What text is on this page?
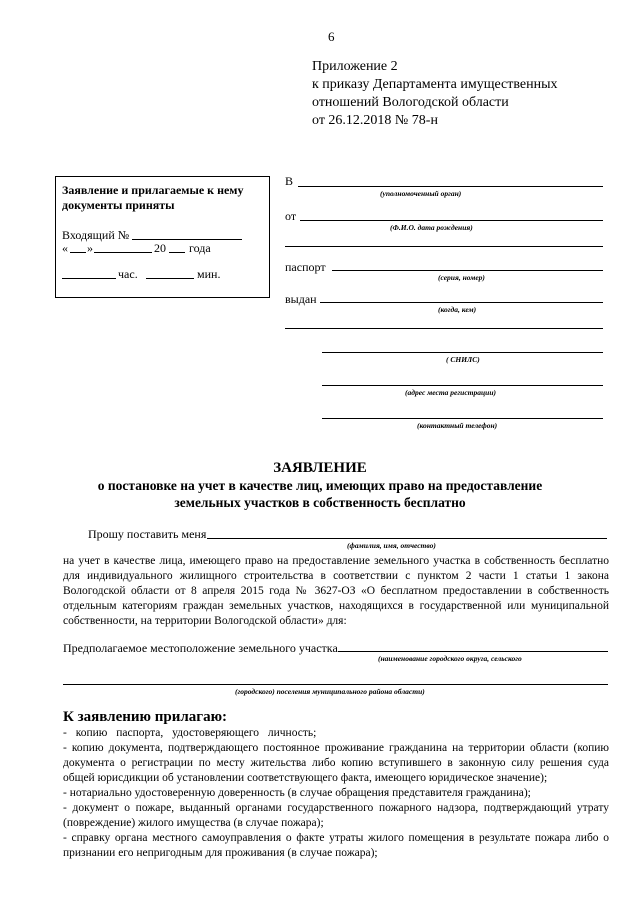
6
Приложение 2
к приказу Департамента имущественных
отношений Вологодской области
от 26.12.2018 № 78-н
Заявление и прилагаемые к нему
документы приняты
Входящий №
« »	20 года
час.	мин.
В
(уполномоченный орган)
от
(Ф.И.О. дата рождения)
паспорт
(серия, номер)
выдан
(когда, кем)
( СНИЛС)
(адрес места регистрации)
(контактный телефон)
ЗАЯВЛЕНИЕ
о постановке на учет в качестве лиц, имеющих право на предоставление
земельных участков в собственность бесплатно
Прошу поставить меня
(фамилия, имя, отчество)
на учет в качестве лица, имеющего право на предоставление земельного участка в собственность бесплатно
для индивидуального жилищного строительства в соответствии с пунктом 2 части 1 статьи 1 закона
Вологодской области от 8 апреля 2015 года № 3627-ОЗ «О бесплатном предоставлении в собственность
отдельным категориям граждан земельных участков, находящихся в государственной или муниципальной
собственности, на территории Вологодской области» для:
Предполагаемое местоположение земельного участка
(наименование городского округа, сельского
(городского) поселения муниципального района области)
К заявлению прилагаю:
- копию паспорта, удостоверяющего личность;
- копию документа, подтверждающего постоянное проживание гражданина на территории области (копию
документа о регистрации по месту жительства либо копию вступившего в законную силу решения суда
общей юрисдикции об установлении соответствующего факта, имеющего юридическое значение);
- нотариально удостоверенную доверенность (в случае обращения представителя гражданина);
- документ о пожаре, выданный органами государственного пожарного надзора, подтверждающий утрату
(повреждение) жилого имущества (в случае пожара);
- справку органа местного самоуправления о факте утраты жилого помещения в результате пожара либо о
признании его непригодным для проживания (в случае пожара);
